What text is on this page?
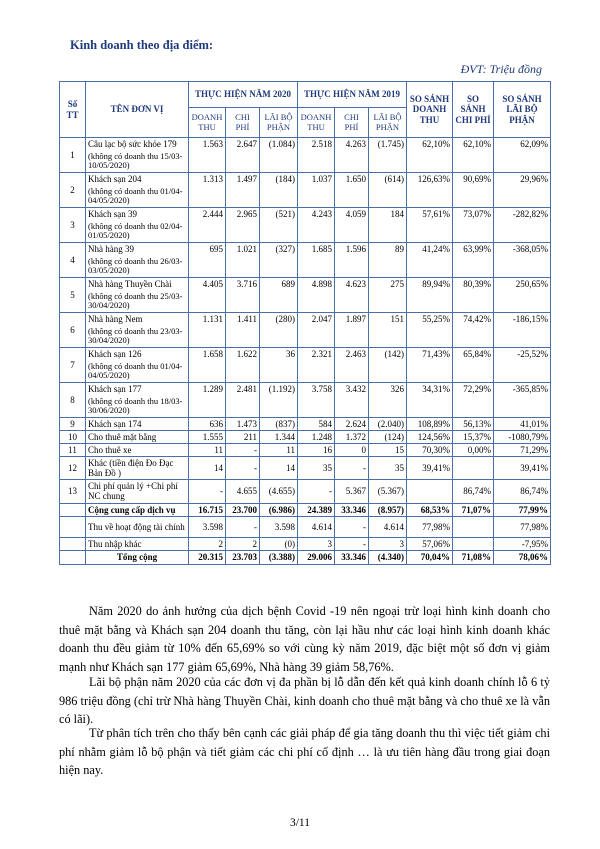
Kinh doanh theo địa điểm:
ĐVT: Triệu đồng
Số TT	TÊN ĐƠN VỊ	THỰC HIỆN NĂM 2020			THỰC HIỆN NĂM 2019			SO SÁNH DOANH THU	SO SÁNH CHI PHÍ	SO SÁNH LÃI BỘ PHẬN
		DOANH THU	CHI PHÍ	LÃI BỘ PHẬN	DOANH THU	CHI PHÍ	LÃI BỘ PHẬN			
1	Câu lạc bộ sức khỏe 179	1.563	2.647	(1.084)	2.518	4.263	(1.745)	62,10%	62,10%	62,09%
	(không có doanh thu 15/03-10/05/2020)									
2	Khách sạn 204	1.313	1.497	(184)	1.037	1.650	(614)	126,63%	90,69%	29,96%
	(không có doanh thu 01/04-04/05/2020)									
3	Khách sạn 39	2.444	2.965	(521)	4.243	4.059	184	57,61%	73,07%	-282,82%
	(không có doanh thu 02/04-01/05/2020)									
4	Nhà hàng 39	695	1.021	(327)	1.685	1.596	89	41,24%	63,99%	-368,05%
	(không có doanh thu 26/03-03/05/2020)									
5	Nhà hàng Thuyền Chài	4.405	3.716	689	4.898	4.623	275	89,94%	80,39%	250,65%
	(không có doanh thu 25/03-30/04/2020)									
6	Nhà hàng Nem	1.131	1.411	(280)	2.047	1.897	151	55,25%	74,42%	-186,15%
	(không có doanh thu 23/03-30/04/2020)									
7	Khách sạn 126	1.658	1.622	36	2.321	2.463	(142)	71,43%	65,84%	-25,52%
	(không có doanh thu 01/04-04/05/2020)									
8	Khách sạn 177	1.289	2.481	(1.192)	3.758	3.432	326	34,31%	72,29%	-365,85%
	(không có doanh thu 18/03-30/06/2020)									
9	Khách sạn 174	636	1.473	(837)	584	2.624	(2.040)	108,89%	56,13%	41,01%
10	Cho thuê mặt bằng	1.555	211	1.344	1.248	1.372	(124)	124,56%	15,37%	-1080,79%
11	Cho thuê xe	11	-	11	16	0	15	70,30%	0,00%	71,29%
12	Khác (tiền điện Đo Đạc Bản Đồ )	14	-	14	35	-	35	39,41%		39,41%
13	Chi phí quản lý +Chi phí NC chung	-	4.655	(4.655)	-	5.367	(5.367)		86,74%	86,74%
	Cộng cung cấp dịch vụ	16.715	23.700	(6.986)	24.389	33.346	(8.957)	68,53%	71,07%	77,99%
	Thu về hoạt động tài chính	3.598	-	3.598	4.614	-	4.614	77,98%		77,98%
	Thu nhập khác	2	2	(0)	3	-	3	57,06%		-7,95%
	Tổng cộng	20.315	23.703	(3.388)	29.006	33.346	(4.340)	70,04%	71,08%	78,06%

Năm 2020 do ảnh hưởng của dịch bệnh Covid -19 nên ngoại trừ loại hình kinh doanh cho thuê mặt bằng và Khách sạn 204 doanh thu tăng, còn lại hầu như các loại hình kinh doanh khác doanh thu đều giảm từ 10% đến 65,69% so với cùng kỳ năm 2019, đặc biệt một số đơn vị giảm mạnh như Khách sạn 177 giảm 65,69%, Nhà hàng 39 giảm 58,76%.

Lãi bộ phận năm 2020 của các đơn vị đa phần bị lỗ dẫn đến kết quả kinh doanh chính lỗ 6 tỷ 986 triệu đồng (chỉ trừ Nhà hàng Thuyền Chài, kinh doanh cho thuê mặt bằng và cho thuê xe là vẫn có lãi).

Từ phân tích trên cho thấy bên cạnh các giải pháp để gia tăng doanh thu thì việc tiết giảm chi phí nhằm giảm lỗ bộ phận và tiết giảm các chi phí cố định … là ưu tiên hàng đầu trong giai đoạn hiện nay.

3/11
